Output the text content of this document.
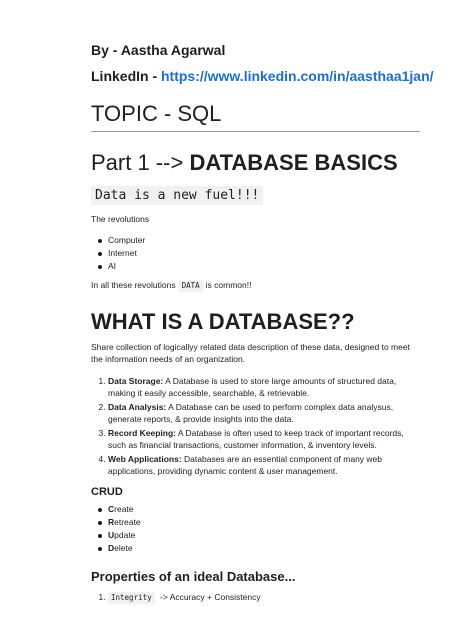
By - Aastha Agarwal
LinkedIn - https://www.linkedin.com/in/aasthaa1jan/
TOPIC - SQL
Part 1 --> DATABASE BASICS
Data is a new fuel!!!
The revolutions
Computer
Internet
AI
In all these revolutions DATA is common!!
WHAT IS A DATABASE??
Share collection of logicallyy related data description of these data, designed to meet the information needs of an organization.
1. Data Storage: A Database is used to store large amounts of structured data, making it easily accessible, searchable, & retrievable.
2. Data Analysis: A Database can be used to perform complex data analysus, generate reports, & provide insights into the data.
3. Record Keeping: A Database is often used to keep track of important records, such as financial transactions, customer information, & inventory levels.
4. Web Applications: Databases are an essential component of many web applications, providing dynamic content & user management.
CRUD
Create
Retreate
Update
Delete
Properties of an ideal Database...
1. Integrity -> Accuracy + Consistency
